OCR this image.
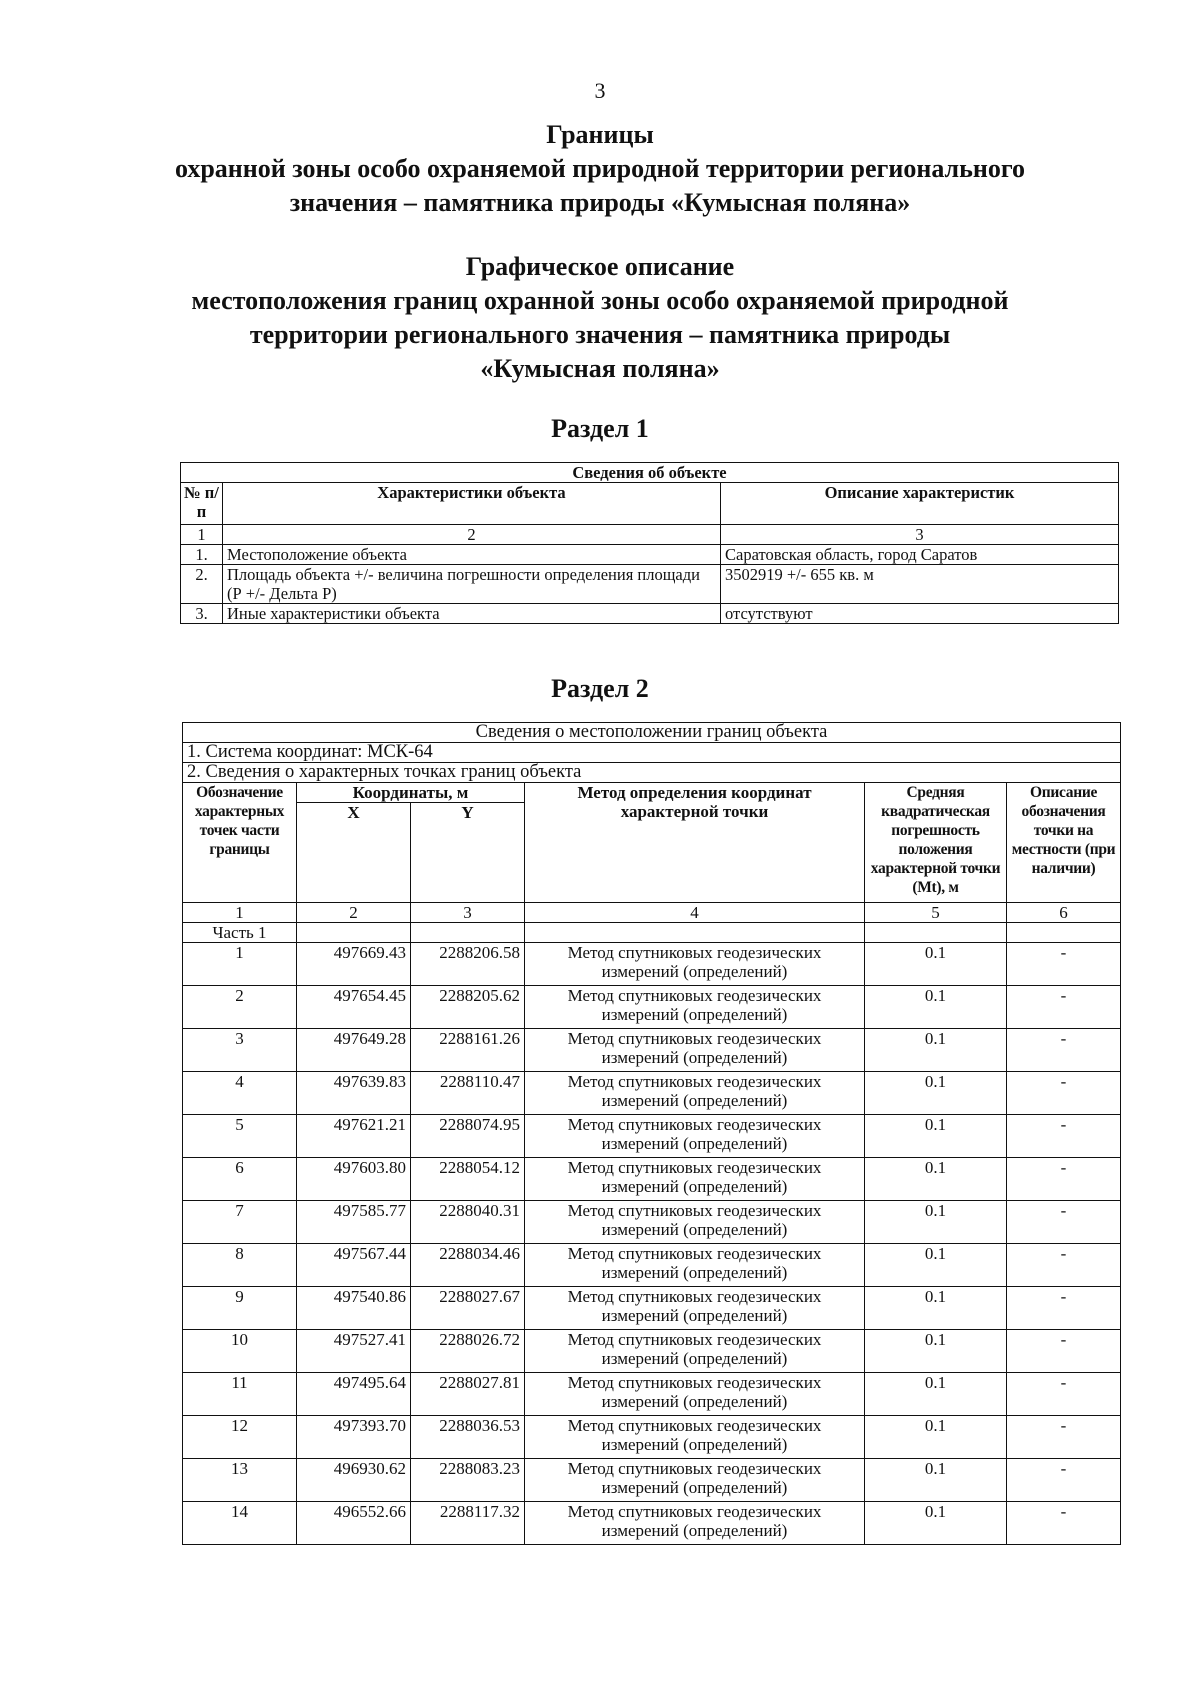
3
Границы
охранной зоны особо охраняемой природной территории регионального
значения – памятника природы «Кумысная поляна»
Графическое описание
местоположения границ охранной зоны особо охраняемой природной
территории регионального значения – памятника природы
«Кумысная поляна»
Раздел 1
Сведения об объекте		
№ п/п	Характеристики объекта	Описание характеристик
1	2	3
1.	Местоположение объекта	Саратовская область, город Саратов
2.	Площадь объекта +/- величина погрешности определения площади (Р +/- Дельта Р)	3502919 +/- 655 кв. м
3.	Иные характеристики объекта	отсутствуют
Раздел 2
Сведения о местоположении границ объекта					
1. Система координат: МСК-64					
2. Сведения о характерных точках границ объекта					
Обозначение характерных точек части границы	Координаты, м		Метод определения координат характерной точки	Средняя квадратическая погрешность положения характерной точки (Mt), м	Описание обозначения точки на местности (при наличии)
	X	Y			
1	2	3	4	5	6
Часть 1					
1	497669.43	2288206.58	Метод спутниковых геодезических измерений (определений)	0.1	-
2	497654.45	2288205.62	Метод спутниковых геодезических измерений (определений)	0.1	-
3	497649.28	2288161.26	Метод спутниковых геодезических измерений (определений)	0.1	-
4	497639.83	2288110.47	Метод спутниковых геодезических измерений (определений)	0.1	-
5	497621.21	2288074.95	Метод спутниковых геодезических измерений (определений)	0.1	-
6	497603.80	2288054.12	Метод спутниковых геодезических измерений (определений)	0.1	-
7	497585.77	2288040.31	Метод спутниковых геодезических измерений (определений)	0.1	-
8	497567.44	2288034.46	Метод спутниковых геодезических измерений (определений)	0.1	-
9	497540.86	2288027.67	Метод спутниковых геодезических измерений (определений)	0.1	-
10	497527.41	2288026.72	Метод спутниковых геодезических измерений (определений)	0.1	-
11	497495.64	2288027.81	Метод спутниковых геодезических измерений (определений)	0.1	-
12	497393.70	2288036.53	Метод спутниковых геодезических измерений (определений)	0.1	-
13	496930.62	2288083.23	Метод спутниковых геодезических измерений (определений)	0.1	-
14	496552.66	2288117.32	Метод спутниковых геодезических измерений (определений)	0.1	-
